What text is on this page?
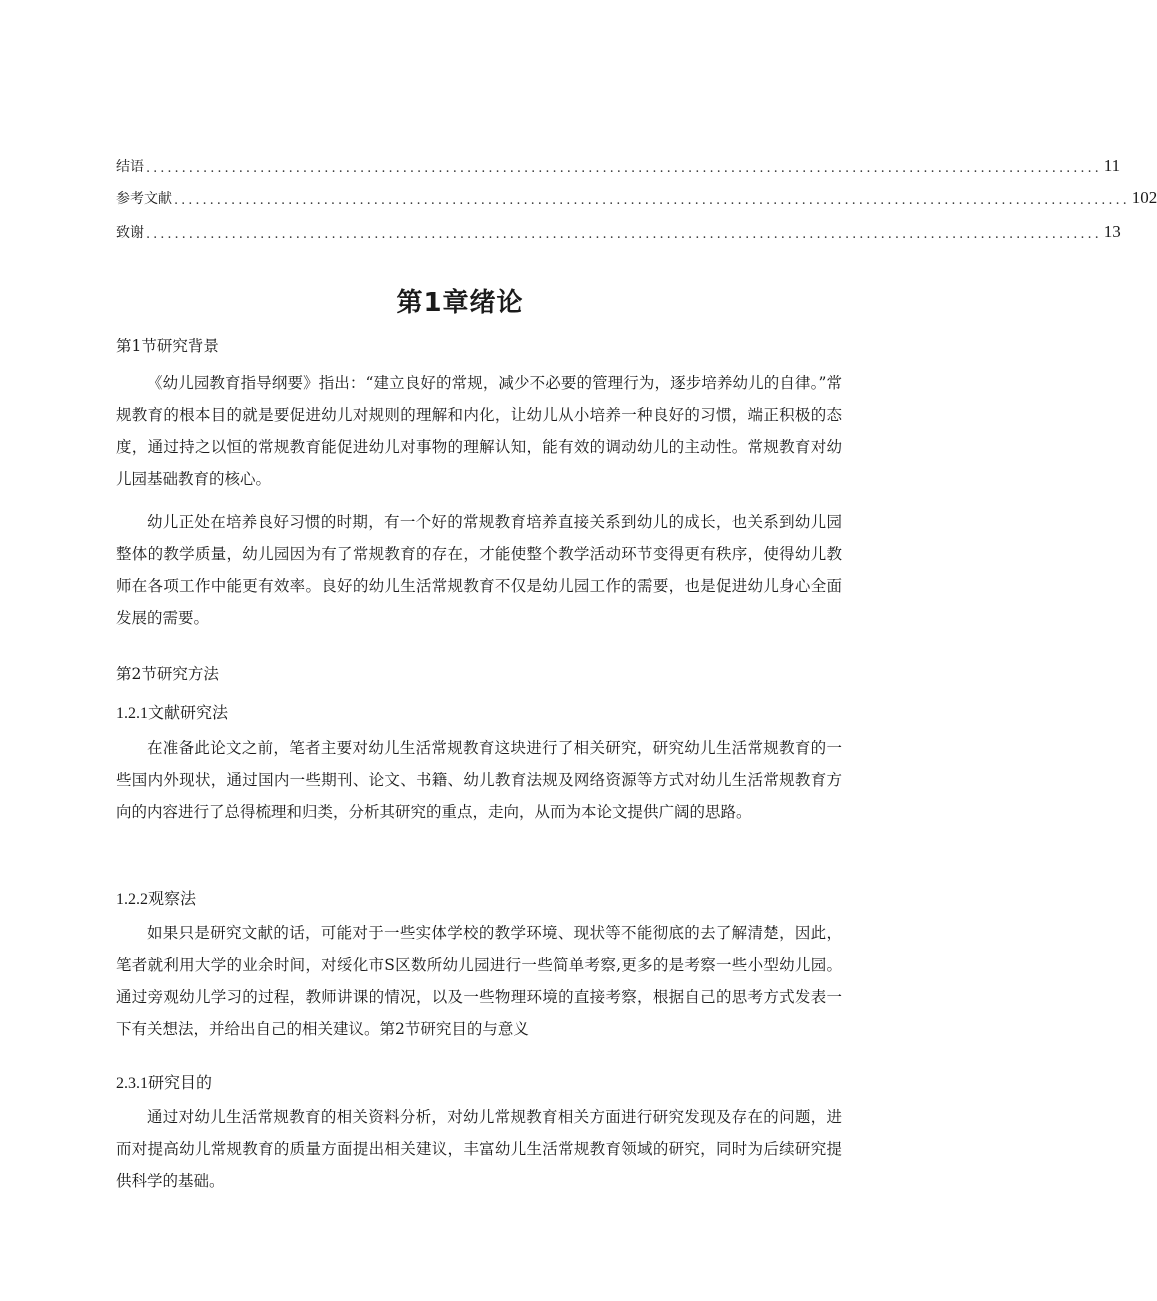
结语 ...................................................................................................................................... 11
参考文献 ...................................................................................................................................... 102
致谢 ...................................................................................................................................... 13
第1章绪论
第1节研究背景

《幼儿园教育指导纲要》指出：“建立良好的常规，减少不必要的管理行为，逐步培养幼儿的自律。”常规教育的根本目的就是要促进幼儿对规则的理解和内化，让幼儿从小培养一种良好的习惯，端正积极的态度，通过持之以恒的常规教育能促进幼儿对事物的理解认知，能有效的调动幼儿的主动性。常规教育对幼儿园基础教育的核心。

幼儿正处在培养良好习惯的时期，有一个好的常规教育培养直接关系到幼儿的成长，也关系到幼儿园整体的教学质量，幼儿园因为有了常规教育的存在，才能使整个教学活动环节变得更有秩序，使得幼儿教师在各项工作中能更有效率。良好的幼儿生活常规教育不仅是幼儿园工作的需要，也是促进幼儿身心全面发展的需要。

第2节研究方法
1.2.1文献研究法

在准备此论文之前，笔者主要对幼儿生活常规教育这块进行了相关研究，研究幼儿生活常规教育的一些国内外现状，通过国内一些期刊、论文、书籍、幼儿教育法规及网络资源等方式对幼儿生活常规教育方向的内容进行了总得梳理和归类，分析其研究的重点，走向，从而为本论文提供广阔的思路。

1.2.2观察法

如果只是研究文献的话，可能对于一些实体学校的教学环境、现状等不能彻底的去了解清楚，因此，笔者就利用大学的业余时间，对绥化市S区数所幼儿园进行一些简单考察,更多的是考察一些小型幼儿园。通过旁观幼儿学习的过程，教师讲课的情况，以及一些物理环境的直接考察，根据自己的思考方式发表一下有关想法，并给出自己的相关建议。第2节研究目的与意义

2.3.1研究目的

通过对幼儿生活常规教育的相关资料分析，对幼儿常规教育相关方面进行研究发现及存在的问题，进而对提高幼儿常规教育的质量方面提出相关建议，丰富幼儿生活常规教育领域的研究，同时为后续研究提供科学的基础。
